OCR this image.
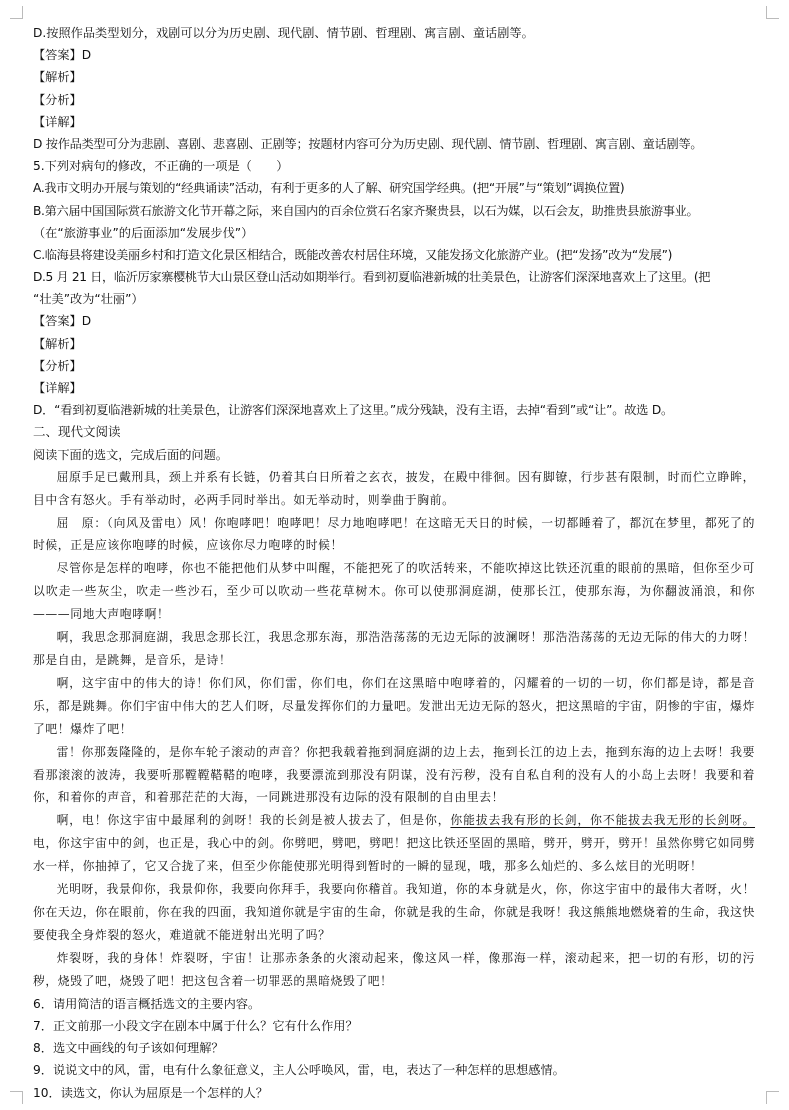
D.按照作品类型划分，戏剧可以分为历史剧、现代剧、情节剧、哲理剧、寓言剧、童话剧等。
【答案】D
【解析】
【分析】
【详解】
D 按作品类型可分为悲剧、喜剧、悲喜剧、正剧等；按题材内容可分为历史剧、现代剧、情节剧、哲理剧、寓言剧、童话剧等。
5.下列对病句的修改，不正确的一项是（　　）
A.我市文明办开展与策划的“经典诵读”活动，有利于更多的人了解、研究国学经典。(把“开展”与“策划”调换位置)
B.第六届中国国际赏石旅游文化节开幕之际，来自国内的百余位赏石名家齐聚贵县，以石为媒，以石会友，助推贵县旅游事业。
（在“旅游事业”的后面添加“发展步伐”）
C.临海县将建设美丽乡村和打造文化景区相结合，既能改善农村居住环境，又能发扬文化旅游产业。(把“发扬”改为“发展”)
D.5 月 21 日，临沂厉家寨樱桃节大山景区登山活动如期举行。看到初夏临港新城的壮美景色，让游客们深深地喜欢上了这里。(把
“壮美”改为“壮丽”）
【答案】D
【解析】
【分析】
【详解】
D．“看到初夏临港新城的壮美景色，让游客们深深地喜欢上了这里。”成分残缺，没有主语，去掉“看到”或“让”。故选 D。
二、现代文阅读
阅读下面的选文，完成后面的问题。

屈原手足已戴刑具，颈上并系有长链，仍着其白日所着之玄衣，披发，在殿中徘徊。因有脚镣，行步甚有限制，时而伫立睁眸，目中含有怒火。手有举动时，必两手同时举出。如无举动时，则拳曲于胸前。

屈　原：（向风及雷电）风！你咆哮吧！咆哮吧！尽力地咆哮吧！在这暗无天日的时候，一切都睡着了，都沉在梦里，都死了的时候，正是应该你咆哮的时候，应该你尽力咆哮的时候！

尽管你是怎样的咆哮，你也不能把他们从梦中叫醒，不能把死了的吹活转来，不能吹掉这比铁还沉重的眼前的黑暗，但你至少可以吹走一些灰尘，吹走一些沙石，至少可以吹动一些花草树木。你可以使那洞庭湖，使那长江，使那东海，为你翻波涌浪，和你———同地大声咆哮啊！

啊，我思念那洞庭湖，我思念那长江，我思念那东海，那浩浩荡荡的无边无际的波澜呀！那浩浩荡荡的无边无际的伟大的力呀！那是自由，是跳舞，是音乐，是诗！

啊，这宇宙中的伟大的诗！你们风，你们雷，你们电，你们在这黑暗中咆哮着的，闪耀着的一切的一切，你们都是诗，都是音乐，都是跳舞。你们宇宙中伟大的艺人们呀，尽量发挥你们的力量吧。发泄出无边无际的怒火，把这黑暗的宇宙，阴惨的宇宙，爆炸了吧！爆炸了吧！

雷！你那轰隆隆的，是你车轮子滚动的声音？你把我载着拖到洞庭湖的边上去，拖到长江的边上去，拖到东海的边上去呀！我要看那滚滚的波涛，我要听那鞺鞺鞳鞳的咆哮，我要漂流到那没有阴谋，没有污秽，没有自私自利的没有人的小岛上去呀！我要和着你，和着你的声音，和着那茫茫的大海，一同跳进那没有边际的没有限制的自由里去！

啊，电！你这宇宙中最犀利的剑呀！我的长剑是被人拔去了，但是你，你能拔去我有形的长剑，你不能拔去我无形的长剑呀。电，你这宇宙中的剑，也正是，我心中的剑。你劈吧，劈吧，劈吧！把这比铁还坚固的黑暗，劈开，劈开，劈开！虽然你劈它如同劈水一样，你抽掉了，它又合拢了来，但至少你能使那光明得到暂时的一瞬的显现，哦，那多么灿烂的、多么炫目的光明呀！

光明呀，我景仰你，我景仰你，我要向你拜手，我要向你稽首。我知道，你的本身就是火，你，你这宇宙中的最伟大者呀，火！你在天边，你在眼前，你在我的四面，我知道你就是宇宙的生命，你就是我的生命，你就是我呀！我这熊熊地燃烧着的生命，我这快要使我全身炸裂的怒火，难道就不能迸射出光明了吗？

炸裂呀，我的身体！炸裂呀，宇宙！让那赤条条的火滚动起来，像这风一样，像那海一样，滚动起来，把一切的有形，切的污秽，烧毁了吧，烧毁了吧！把这包含着一切罪恶的黑暗烧毁了吧！

6．请用简洁的语言概括选文的主要内容。
7．正文前那一小段文字在剧本中属于什么？它有什么作用？
8．选文中画线的句子该如何理解？
9．说说文中的风，雷，电有什么象征意义，主人公呼唤风，雷，电，表达了一种怎样的思想感情。
10．读选文，你认为屈原是一个怎样的人？
